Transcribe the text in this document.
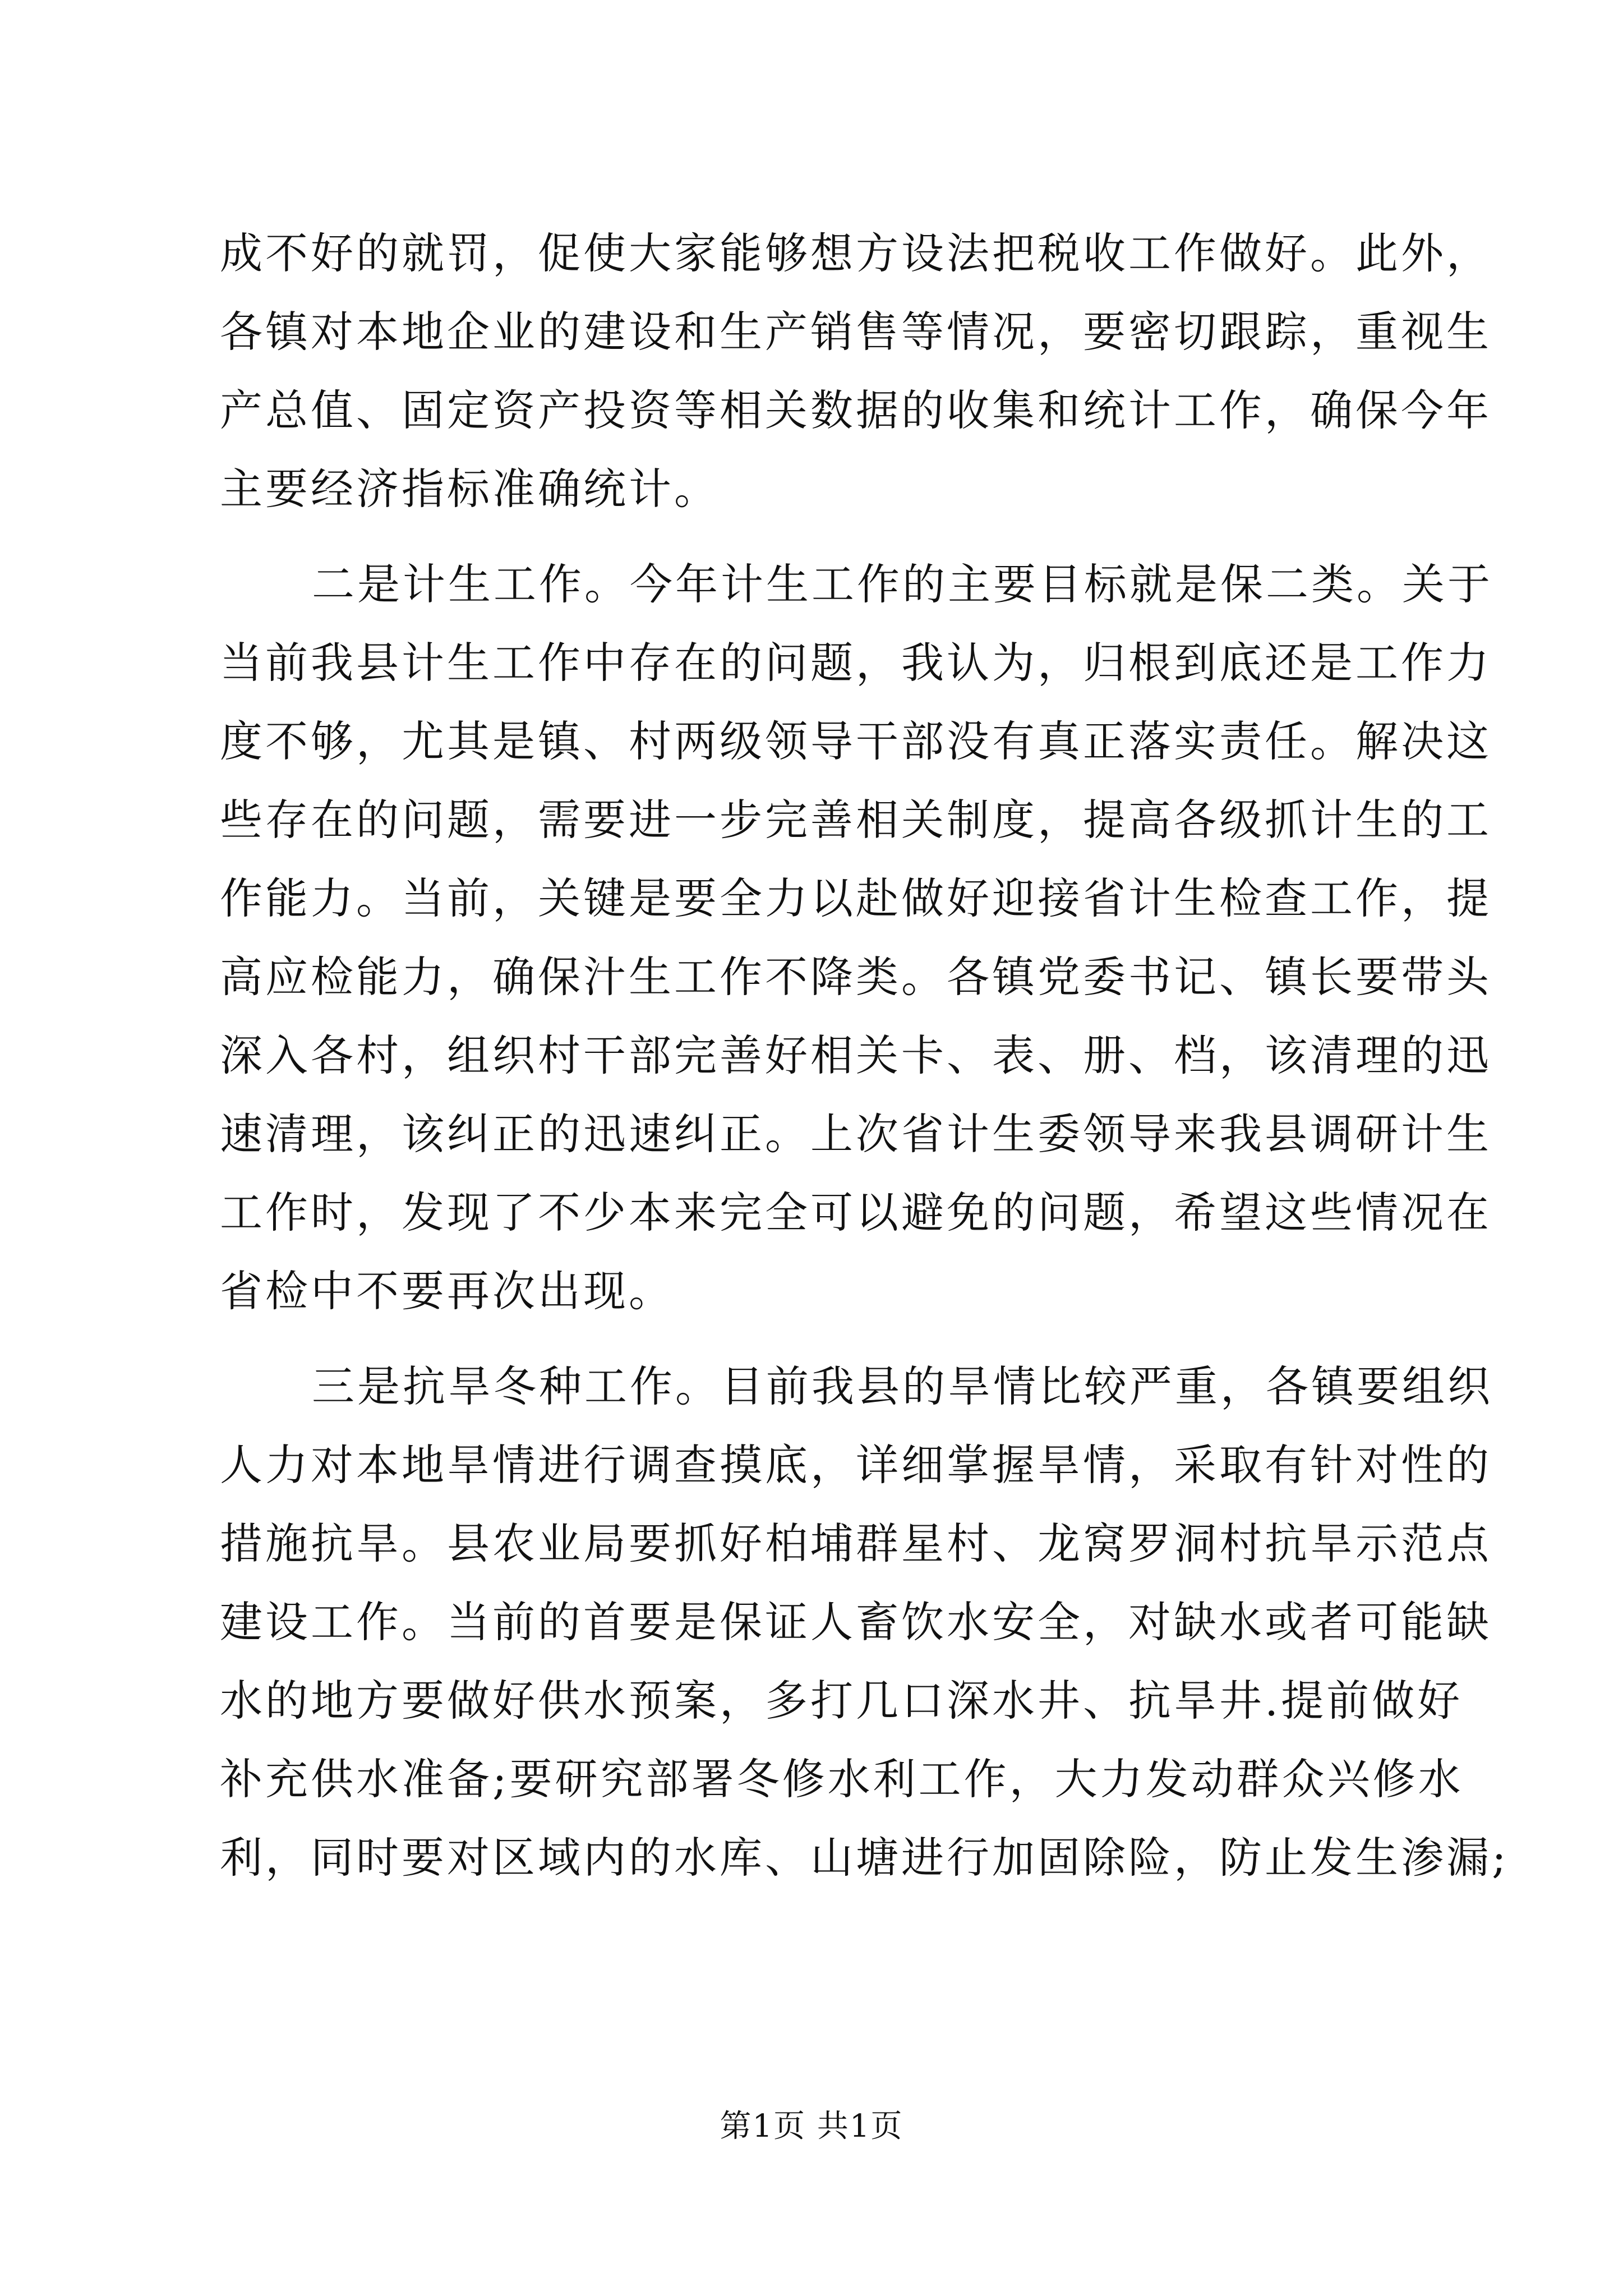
成不好的就罚，促使大家能够想方设法把税收工作做好。此外，
各镇对本地企业的建设和生产销售等情况，要密切跟踪，重视生
产总值、固定资产投资等相关数据的收集和统计工作，确保今年
主要经济指标准确统计。
二是计生工作。今年计生工作的主要目标就是保二类。关于
当前我县计生工作中存在的问题，我认为，归根到底还是工作力
度不够，尤其是镇、村两级领导干部没有真正落实责任。解决这
些存在的问题，需要进一步完善相关制度，提高各级抓计生的工
作能力。当前，关键是要全力以赴做好迎接省计生检查工作，提
高应检能力，确保汁生工作不降类。各镇党委书记、镇长要带头
深入各村，组织村干部完善好相关卡、表、册、档，该清理的迅
速清理，该纠正的迅速纠正。上次省计生委领导来我县调研计生
工作时，发现了不少本来完全可以避免的问题，希望这些情况在
省检中不要再次出现。
三是抗旱冬种工作。目前我县的旱情比较严重，各镇要组织
人力对本地旱情进行调查摸底，详细掌握旱情，采取有针对性的
措施抗旱。县农业局要抓好柏埔群星村、龙窝罗洞村抗旱示范点
建设工作。当前的首要是保证人畜饮水安全，对缺水或者可能缺
水的地方要做好供水预案，多打几口深水井、抗旱井.提前做好
补充供水准备;要研究部署冬修水利工作，大力发动群众兴修水
利，同时要对区域内的水库、山塘进行加固除险，防止发生渗漏;
第1页 共1页
